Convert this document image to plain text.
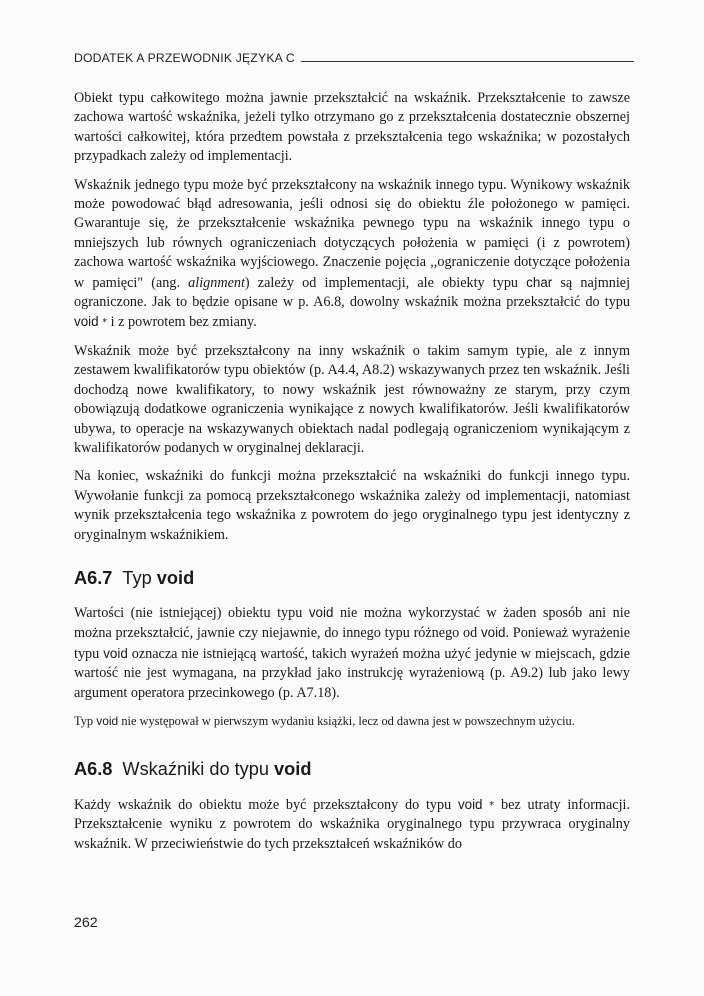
DODATEK A PRZEWODNIK JĘZYKA C

Obiekt typu całkowitego można jawnie przekształcić na wskaźnik. Przekształcenie to zawsze zachowa wartość wskaźnika, jeżeli tylko otrzymano go z przekształcenia dostatecznie obszernej wartości całkowitej, która przedtem powstała z przekształcenia tego wskaźnika; w pozostałych przypadkach zależy od implementacji.

Wskaźnik jednego typu może być przekształcony na wskaźnik innego typu. Wynikowy wskaźnik może powodować błąd adresowania, jeśli odnosi się do obiektu źle położonego w pamięci. Gwarantuje się, że przekształcenie wskaźnika pewnego typu na wskaźnik innego typu o mniejszych lub równych ograniczeniach dotyczących położenia w pamięci (i z powrotem) zachowa wartość wskaźnika wyjściowego. Znaczenie pojęcia ,,ograniczenie dotyczące położenia w pamięci" (ang. alignment) zależy od implementacji, ale obiekty typu char są najmniej ograniczone. Jak to będzie opisane w p. A6.8, dowolny wskaźnik można przekształcić do typu void * i z powrotem bez zmiany.

Wskaźnik może być przekształcony na inny wskaźnik o takim samym typie, ale z innym zestawem kwalifikatorów typu obiektów (p. A4.4, A8.2) wskazywanych przez ten wskaźnik. Jeśli dochodzą nowe kwalifikatory, to nowy wskaźnik jest równoważny ze starym, przy czym obowiązują dodatkowe ograniczenia wynikające z nowych kwalifikatorów. Jeśli kwalifikatorów ubywa, to operacje na wskazywanych obiektach nadal podlegają ograniczeniom wynikającym z kwalifikatorów podanych w oryginalnej deklaracji.

Na koniec, wskaźniki do funkcji można przekształcić na wskaźniki do funkcji innego typu. Wywołanie funkcji za pomocą przekształconego wskaźnika zależy od implementacji, natomiast wynik przekształcenia tego wskaźnika z powrotem do jego oryginalnego typu jest identyczny z oryginalnym wskaźnikiem.

A6.7 Typ void

Wartości (nie istniejącej) obiektu typu void nie można wykorzystać w żaden sposób ani nie można przekształcić, jawnie czy niejawnie, do innego typu różnego od void. Ponieważ wyrażenie typu void oznacza nie istniejącą wartość, takich wyrażeń można użyć jedynie w miejscach, gdzie wartość nie jest wymagana, na przykład jako instrukcję wyrażeniową (p. A9.2) lub jako lewy argument operatora przecinkowego (p. A7.18).

Typ void nie występował w pierwszym wydaniu książki, lecz od dawna jest w powszechnym użyciu.

A6.8 Wskaźniki do typu void

Każdy wskaźnik do obiektu może być przekształcony do typu void * bez utraty informacji. Przekształcenie wyniku z powrotem do wskaźnika oryginalnego typu przywraca oryginalny wskaźnik. W przeciwieństwie do tych przekształceń wskaźników do

262
